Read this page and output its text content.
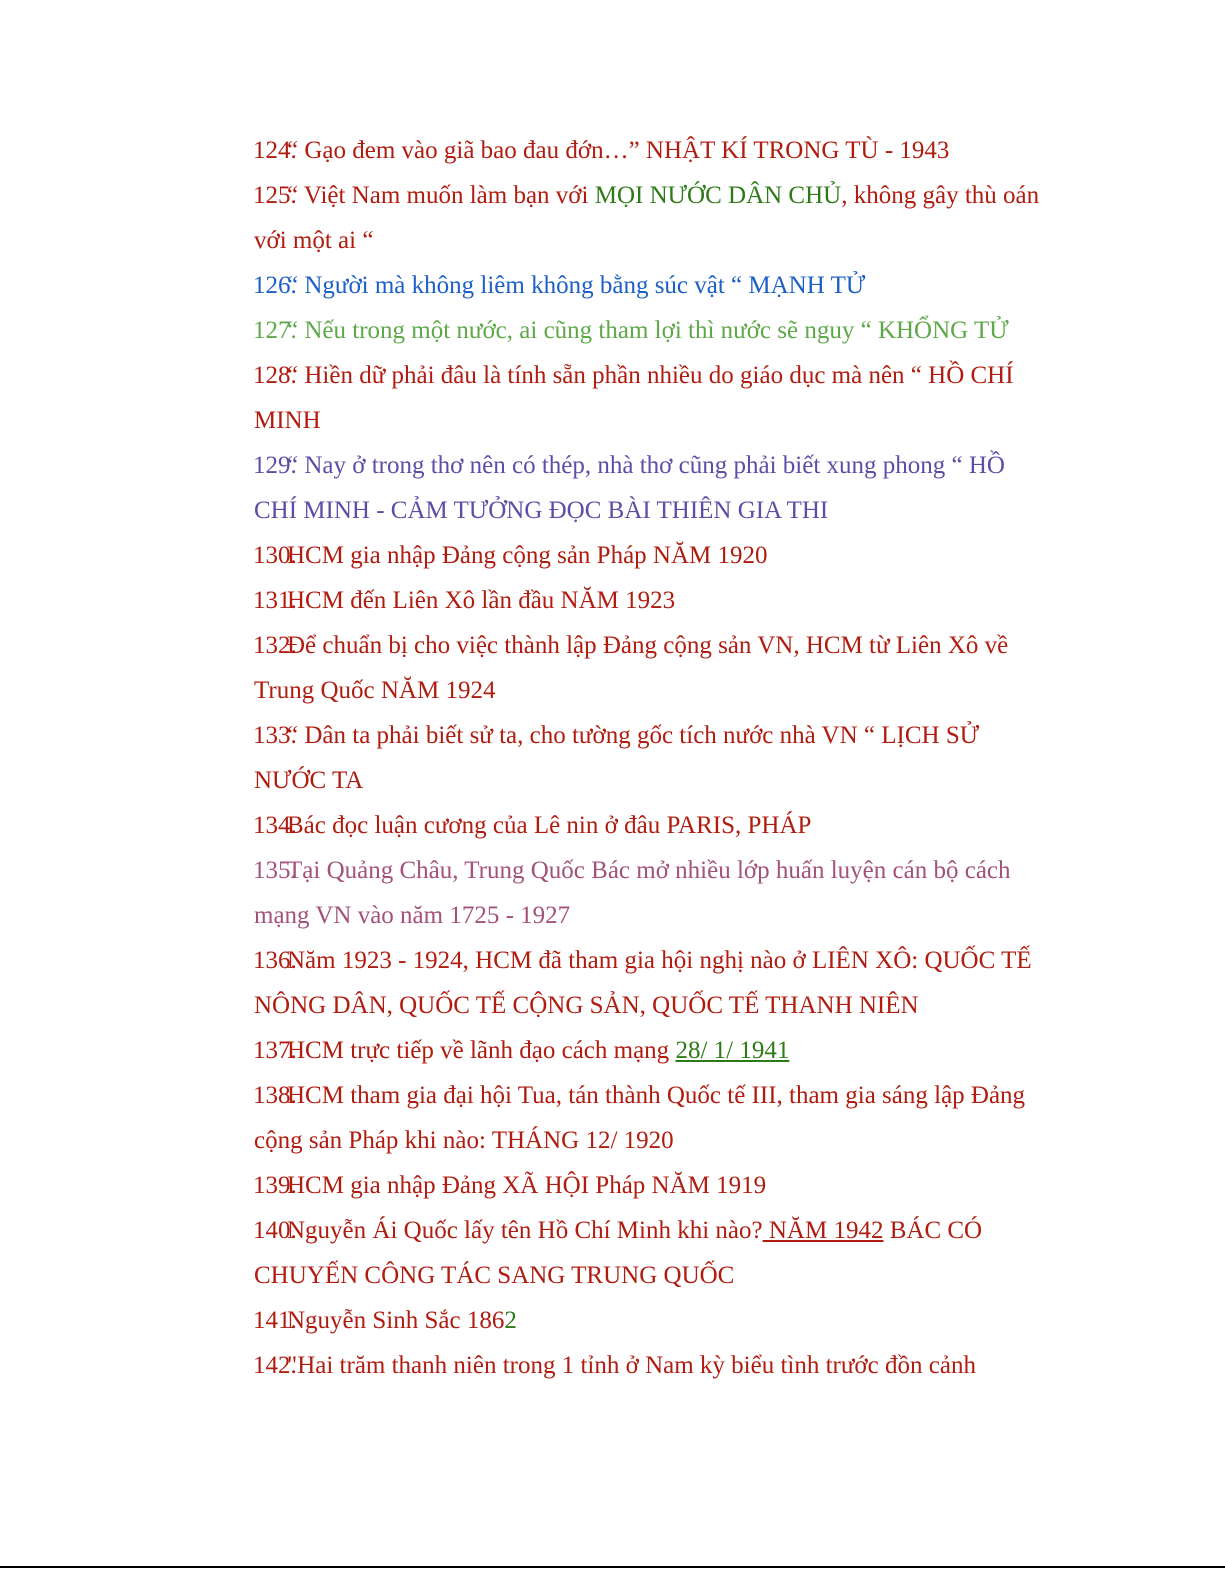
124.
“ Gạo đem vào giã bao đau đớn…” NHẬT KÍ TRONG TÙ - 1943
125.
“ Việt Nam muốn làm bạn với MỌI NƯỚC DÂN CHỦ, không gây thù oán với một ai “
126.
“ Người mà không liêm không bằng súc vật “ MẠNH TỬ
127.
“ Nếu trong một nước, ai cũng tham lợi thì nước sẽ nguy “ KHỔNG TỬ
128.
“ Hiền dữ phải đâu là tính sẵn phần nhiều do giáo dục mà nên “ HỒ CHÍ MINH
129.
“ Nay ở trong thơ nên có thép, nhà thơ cũng phải biết xung phong “ HỒ CHÍ MINH - CẢM TƯỞNG ĐỌC BÀI THIÊN GIA THI
130.
HCM gia nhập Đảng cộng sản Pháp NĂM 1920
131.
HCM đến Liên Xô lần đầu NĂM 1923
132.
Để chuẩn bị cho việc thành lập Đảng cộng sản VN, HCM từ Liên Xô về Trung Quốc NĂM 1924
133.
“ Dân ta phải biết sử ta, cho tường gốc tích nước nhà VN “ LỊCH SỬ NƯỚC TA
134.
Bác đọc luận cương của Lê nin ở đâu PARIS, PHÁP
135.
Tại Quảng Châu, Trung Quốc Bác mở nhiều lớp huấn luyện cán bộ cách mạng VN vào năm 1725 - 1927
136.
Năm 1923 - 1924, HCM đã tham gia hội nghị nào ở LIÊN XÔ: QUỐC TẾ NÔNG DÂN, QUỐC TẾ CỘNG SẢN, QUỐC TẾ THANH NIÊN
137.
HCM trực tiếp về lãnh đạo cách mạng 28/ 1/ 1941
138.
HCM tham gia đại hội Tua, tán thành Quốc tế III, tham gia sáng lập Đảng cộng sản Pháp khi nào: THÁNG 12/ 1920
139.
HCM gia nhập Đảng XÃ HỘI Pháp NĂM 1919
140.
Nguyễn Ái Quốc lấy tên Hồ Chí Minh khi nào? NĂM 1942 BÁC CÓ CHUYẾN CÔNG TÁC SANG TRUNG QUỐC
141.
Nguyễn Sinh Sắc 1862
142.
"Hai trăm thanh niên trong 1 tỉnh ở Nam kỳ biểu tình trước đồn cảnh
